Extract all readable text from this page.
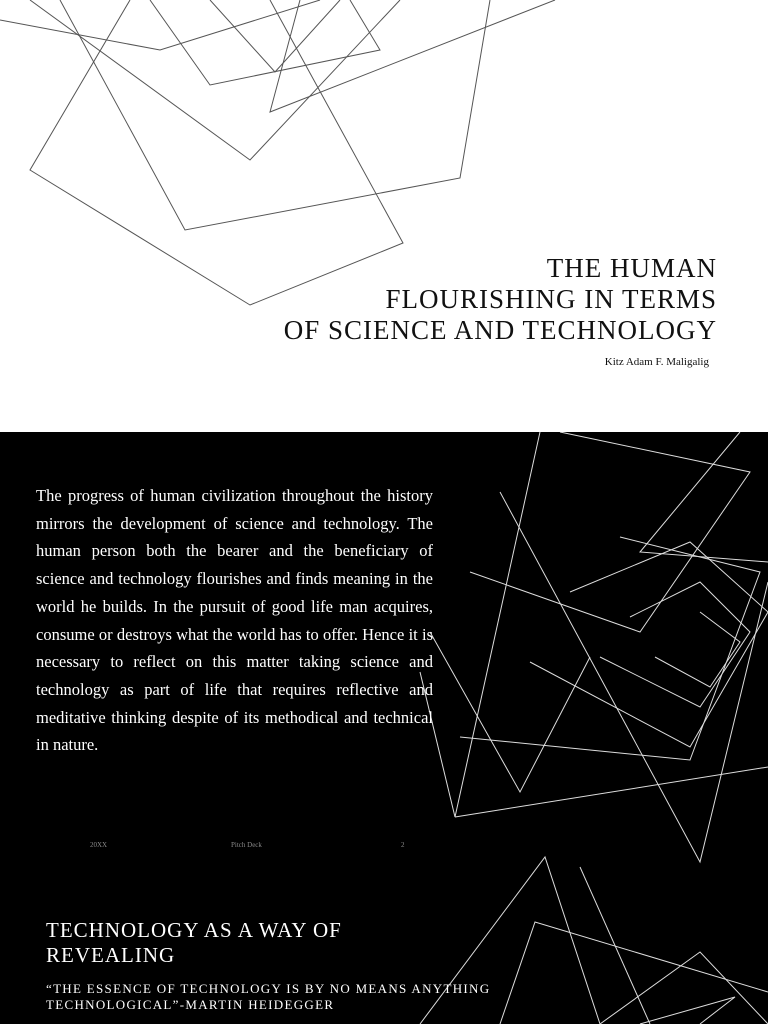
THE HUMAN
FLOURISHING IN TERMS
OF SCIENCE AND TECHNOLOGY

Kitz Adam F. Maligalig

The progress of human civilization throughout the history mirrors the development of science and technology. The human person both the bearer and the beneficiary of science and technology flourishes and finds meaning in the world he builds. In the pursuit of good life man acquires, consume or destroys what the world has to offer. Hence it is necessary to reflect on this matter taking science and technology as part of life that requires reflective and meditative thinking despite of its methodical and technical in nature.

20XX	Pitch Deck	2
TECHNOLOGY AS A WAY OF REVEALING

“THE ESSENCE OF TECHNOLOGY IS BY NO MEANS ANYTHING TECHNOLOGICAL”-MARTIN HEIDEGGER
